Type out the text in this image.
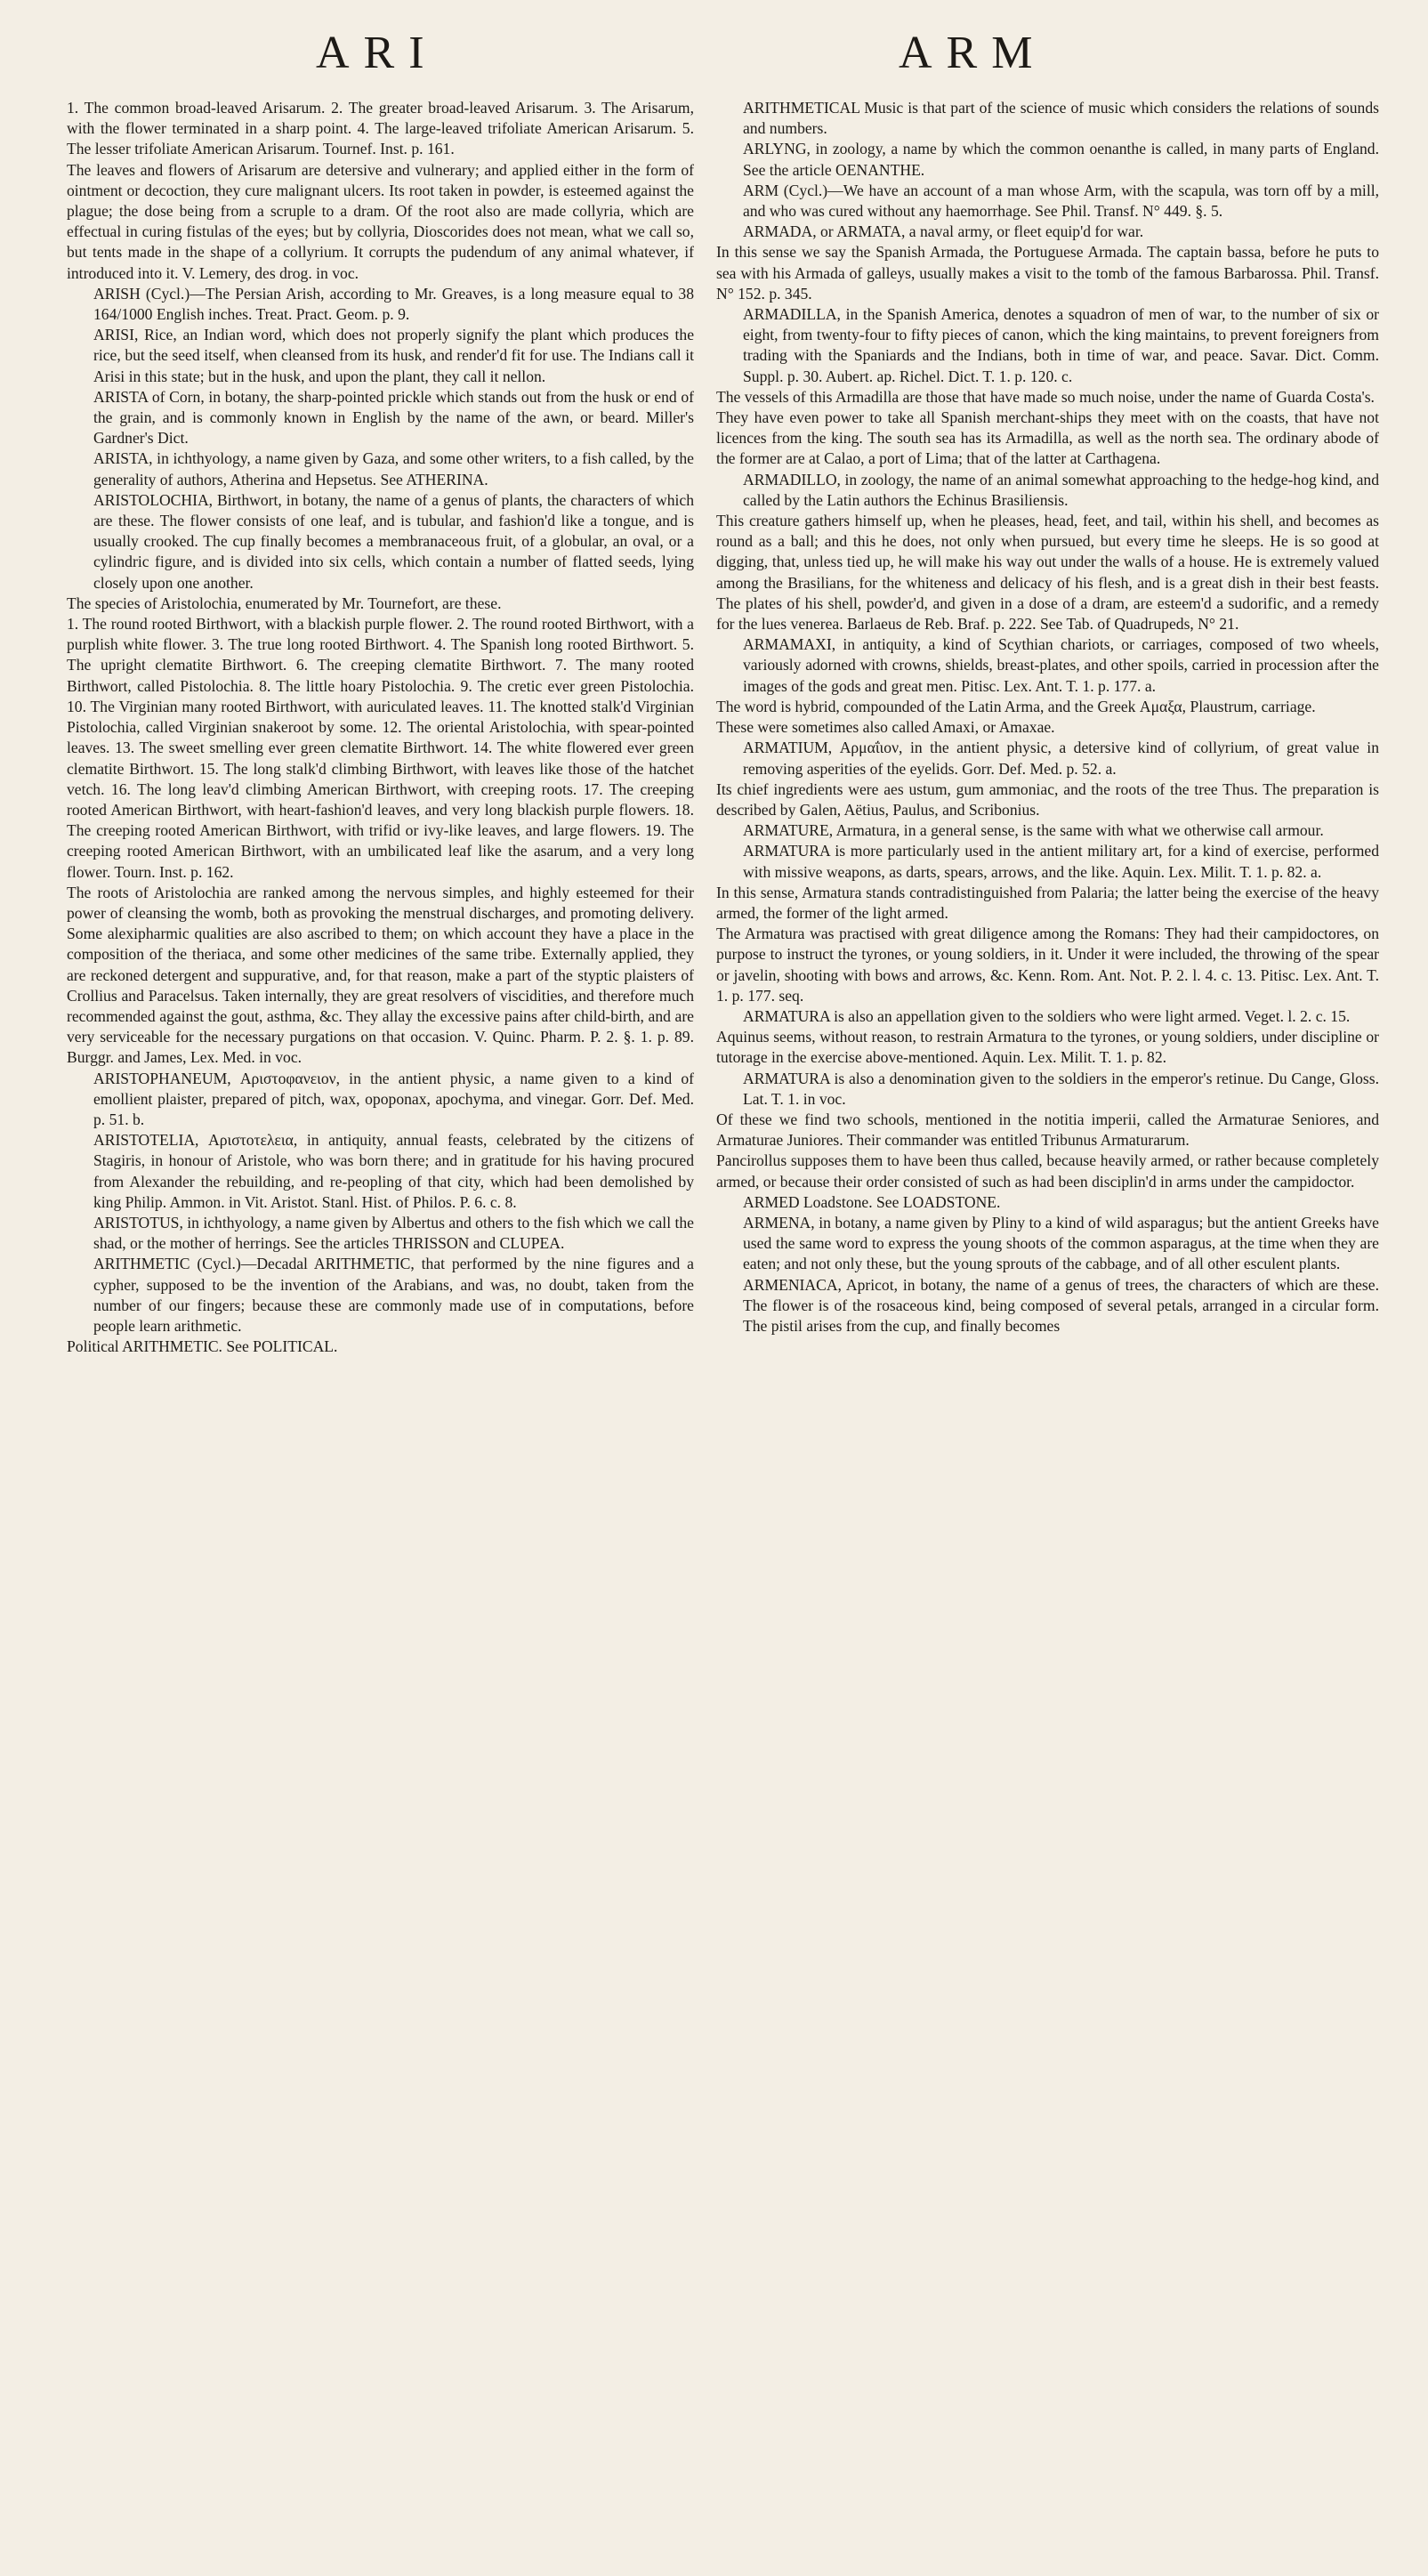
ARI	ARM

1. The common broad-leaved Arisarum. 2. The greater broad-leaved Arisarum. 3. The Arisarum, with the flower terminated in a sharp point. 4. The large-leaved trifoliate American Arisarum. 5. The lesser trifoliate American Arisarum. Tournef. Inst. p. 161.

The leaves and flowers of Arisarum are detersive and vulnerary; and applied either in the form of ointment or decoction, they cure malignant ulcers. Its root taken in powder, is esteemed against the plague; the dose being from a scruple to a dram. Of the root also are made collyria, which are effectual in curing fistulas of the eyes; but by collyria, Dioscorides does not mean, what we call so, but tents made in the shape of a collyrium. It corrupts the pudendum of any animal whatever, if introduced into it. V. Lemery, des drog. in voc.

ARISH (Cycl.)—The Persian Arish, according to Mr. Greaves, is a long measure equal to 38 164/1000 English inches. Treat. Pract. Geom. p. 9.

ARISI, Rice, an Indian word, which does not properly signify the plant which produces the rice, but the seed itself, when cleansed from its husk, and render'd fit for use. The Indians call it Arisi in this state; but in the husk, and upon the plant, they call it nellon.

ARISTA of Corn, in botany, the sharp-pointed prickle which stands out from the husk or end of the grain, and is commonly known in English by the name of the awn, or beard. Miller's Gardner's Dict.

ARISTA, in ichthyology, a name given by Gaza, and some other writers, to a fish called, by the generality of authors, Atherina and Hepsetus. See ATHERINA.

ARISTOLOCHIA, Birthwort, in botany, the name of a genus of plants, the characters of which are these. The flower consists of one leaf, and is tubular, and fashion'd like a tongue, and is usually crooked. The cup finally becomes a membranaceous fruit, of a globular, an oval, or a cylindric figure, and is divided into six cells, which contain a number of flatted seeds, lying closely upon one another.

The species of Aristolochia, enumerated by Mr. Tournefort, are these.

1. The round rooted Birthwort, with a blackish purple flower. 2. The round rooted Birthwort, with a purplish white flower. 3. The true long rooted Birthwort. 4. The Spanish long rooted Birthwort. 5. The upright clematite Birthwort. 6. The creeping clematite Birthwort. 7. The many rooted Birthwort, called Pistolochia. 8. The little hoary Pistolochia. 9. The cretic ever green Pistolochia. 10. The Virginian many rooted Birthwort, with auriculated leaves. 11. The knotted stalk'd Virginian Pistolochia, called Virginian snakeroot by some. 12. The oriental Aristolochia, with spear-pointed leaves. 13. The sweet smelling ever green clematite Birthwort. 14. The white flowered ever green clematite Birthwort. 15. The long stalk'd climbing Birthwort, with leaves like those of the hatchet vetch. 16. The long leav'd climbing American Birthwort, with creeping roots. 17. The creeping rooted American Birthwort, with heart-fashion'd leaves, and very long blackish purple flowers. 18. The creeping rooted American Birthwort, with trifid or ivy-like leaves, and large flowers. 19. The creeping rooted American Birthwort, with an umbilicated leaf like the asarum, and a very long flower. Tourn. Inst. p. 162.

The roots of Aristolochia are ranked among the nervous simples, and highly esteemed for their power of cleansing the womb, both as provoking the menstrual discharges, and promoting delivery. Some alexipharmic qualities are also ascribed to them; on which account they have a place in the composition of the theriaca, and some other medicines of the same tribe. Externally applied, they are reckoned detergent and suppurative, and, for that reason, make a part of the styptic plaisters of Crollius and Paracelsus. Taken internally, they are great resolvers of viscidities, and therefore much recommended against the gout, asthma, &c. They allay the excessive pains after child-birth, and are very serviceable for the necessary purgations on that occasion. V. Quinc. Pharm. P. 2. §. 1. p. 89. Burggr. and James, Lex. Med. in voc.

ARISTOPHANEUM, Αριστοφανειον, in the antient physic, a name given to a kind of emollient plaister, prepared of pitch, wax, opoponax, apochyma, and vinegar. Gorr. Def. Med. p. 51. b.

ARISTOTELIA, Αριστοτελεια, in antiquity, annual feasts, celebrated by the citizens of Stagiris, in honour of Aristole, who was born there; and in gratitude for his having procured from Alexander the rebuilding, and re-peopling of that city, which had been demolished by king Philip. Ammon. in Vit. Aristot. Stanl. Hist. of Philos. P. 6. c. 8.

ARISTOTUS, in ichthyology, a name given by Albertus and others to the fish which we call the shad, or the mother of herrings. See the articles THRISSON and CLUPEA.

ARITHMETIC (Cycl.)—Decadal ARITHMETIC, that performed by the nine figures and a cypher, supposed to be the invention of the Arabians, and was, no doubt, taken from the number of our fingers; because these are commonly made use of in computations, before people learn arithmetic.

Political ARITHMETIC. See POLITICAL.

ARITHMETICAL Music is that part of the science of music which considers the relations of sounds and numbers.

ARLYNG, in zoology, a name by which the common oenanthe is called, in many parts of England. See the article OENANTHE.

ARM (Cycl.)—We have an account of a man whose Arm, with the scapula, was torn off by a mill, and who was cured without any haemorrhage. See Phil. Transf. N° 449. §. 5.

ARMADA, or ARMATA, a naval army, or fleet equip'd for war.

In this sense we say the Spanish Armada, the Portuguese Armada. The captain bassa, before he puts to sea with his Armada of galleys, usually makes a visit to the tomb of the famous Barbarossa. Phil. Transf. N° 152. p. 345.

ARMADILLA, in the Spanish America, denotes a squadron of men of war, to the number of six or eight, from twenty-four to fifty pieces of canon, which the king maintains, to prevent foreigners from trading with the Spaniards and the Indians, both in time of war, and peace. Savar. Dict. Comm. Suppl. p. 30. Aubert. ap. Richel. Dict. T. 1. p. 120. c.

The vessels of this Armadilla are those that have made so much noise, under the name of Guarda Costa's.

They have even power to take all Spanish merchant-ships they meet with on the coasts, that have not licences from the king. The south sea has its Armadilla, as well as the north sea. The ordinary abode of the former are at Calao, a port of Lima; that of the latter at Carthagena.

ARMADILLO, in zoology, the name of an animal somewhat approaching to the hedge-hog kind, and called by the Latin authors the Echinus Brasiliensis.

This creature gathers himself up, when he pleases, head, feet, and tail, within his shell, and becomes as round as a ball; and this he does, not only when pursued, but every time he sleeps. He is so good at digging, that, unless tied up, he will make his way out under the walls of a house. He is extremely valued among the Brasilians, for the whiteness and delicacy of his flesh, and is a great dish in their best feasts. The plates of his shell, powder'd, and given in a dose of a dram, are esteem'd a sudorific, and a remedy for the lues venerea. Barlaeus de Reb. Braf. p. 222. See Tab. of Quadrupeds, N° 21.

ARMAMAXI, in antiquity, a kind of Scythian chariots, or carriages, composed of two wheels, variously adorned with crowns, shields, breast-plates, and other spoils, carried in procession after the images of the gods and great men. Pitisc. Lex. Ant. T. 1. p. 177. a.

The word is hybrid, compounded of the Latin Arma, and the Greek Αμαξα, Plaustrum, carriage.

These were sometimes also called Amaxi, or Amaxae.

ARMATIUM, Αρμαΐιον, in the antient physic, a detersive kind of collyrium, of great value in removing asperities of the eyelids. Gorr. Def. Med. p. 52. a.

Its chief ingredients were aes ustum, gum ammoniac, and the roots of the tree Thus. The preparation is described by Galen, Aëtius, Paulus, and Scribonius.

ARMATURE, Armatura, in a general sense, is the same with what we otherwise call armour.

ARMATURA is more particularly used in the antient military art, for a kind of exercise, performed with missive weapons, as darts, spears, arrows, and the like. Aquin. Lex. Milit. T. 1. p. 82. a.

In this sense, Armatura stands contradistinguished from Palaria; the latter being the exercise of the heavy armed, the former of the light armed.

The Armatura was practised with great diligence among the Romans: They had their campidoctores, on purpose to instruct the tyrones, or young soldiers, in it. Under it were included, the throwing of the spear or javelin, shooting with bows and arrows, &c. Kenn. Rom. Ant. Not. P. 2. l. 4. c. 13. Pitisc. Lex. Ant. T. 1. p. 177. seq.

ARMATURA is also an appellation given to the soldiers who were light armed. Veget. l. 2. c. 15.

Aquinus seems, without reason, to restrain Armatura to the tyrones, or young soldiers, under discipline or tutorage in the exercise above-mentioned. Aquin. Lex. Milit. T. 1. p. 82.

ARMATURA is also a denomination given to the soldiers in the emperor's retinue. Du Cange, Gloss. Lat. T. 1. in voc.

Of these we find two schools, mentioned in the notitia imperii, called the Armaturae Seniores, and Armaturae Juniores. Their commander was entitled Tribunus Armaturarum.

Pancirollus supposes them to have been thus called, because heavily armed, or rather because completely armed, or because their order consisted of such as had been disciplin'd in arms under the campidoctor.

ARMED Loadstone. See LOADSTONE.

ARMENA, in botany, a name given by Pliny to a kind of wild asparagus; but the antient Greeks have used the same word to express the young shoots of the common asparagus, at the time when they are eaten; and not only these, but the young sprouts of the cabbage, and of all other esculent plants.

ARMENIACA, Apricot, in botany, the name of a genus of trees, the characters of which are these. The flower is of the rosaceous kind, being composed of several petals, arranged in a circular form. The pistil arises from the cup, and finally becomes
